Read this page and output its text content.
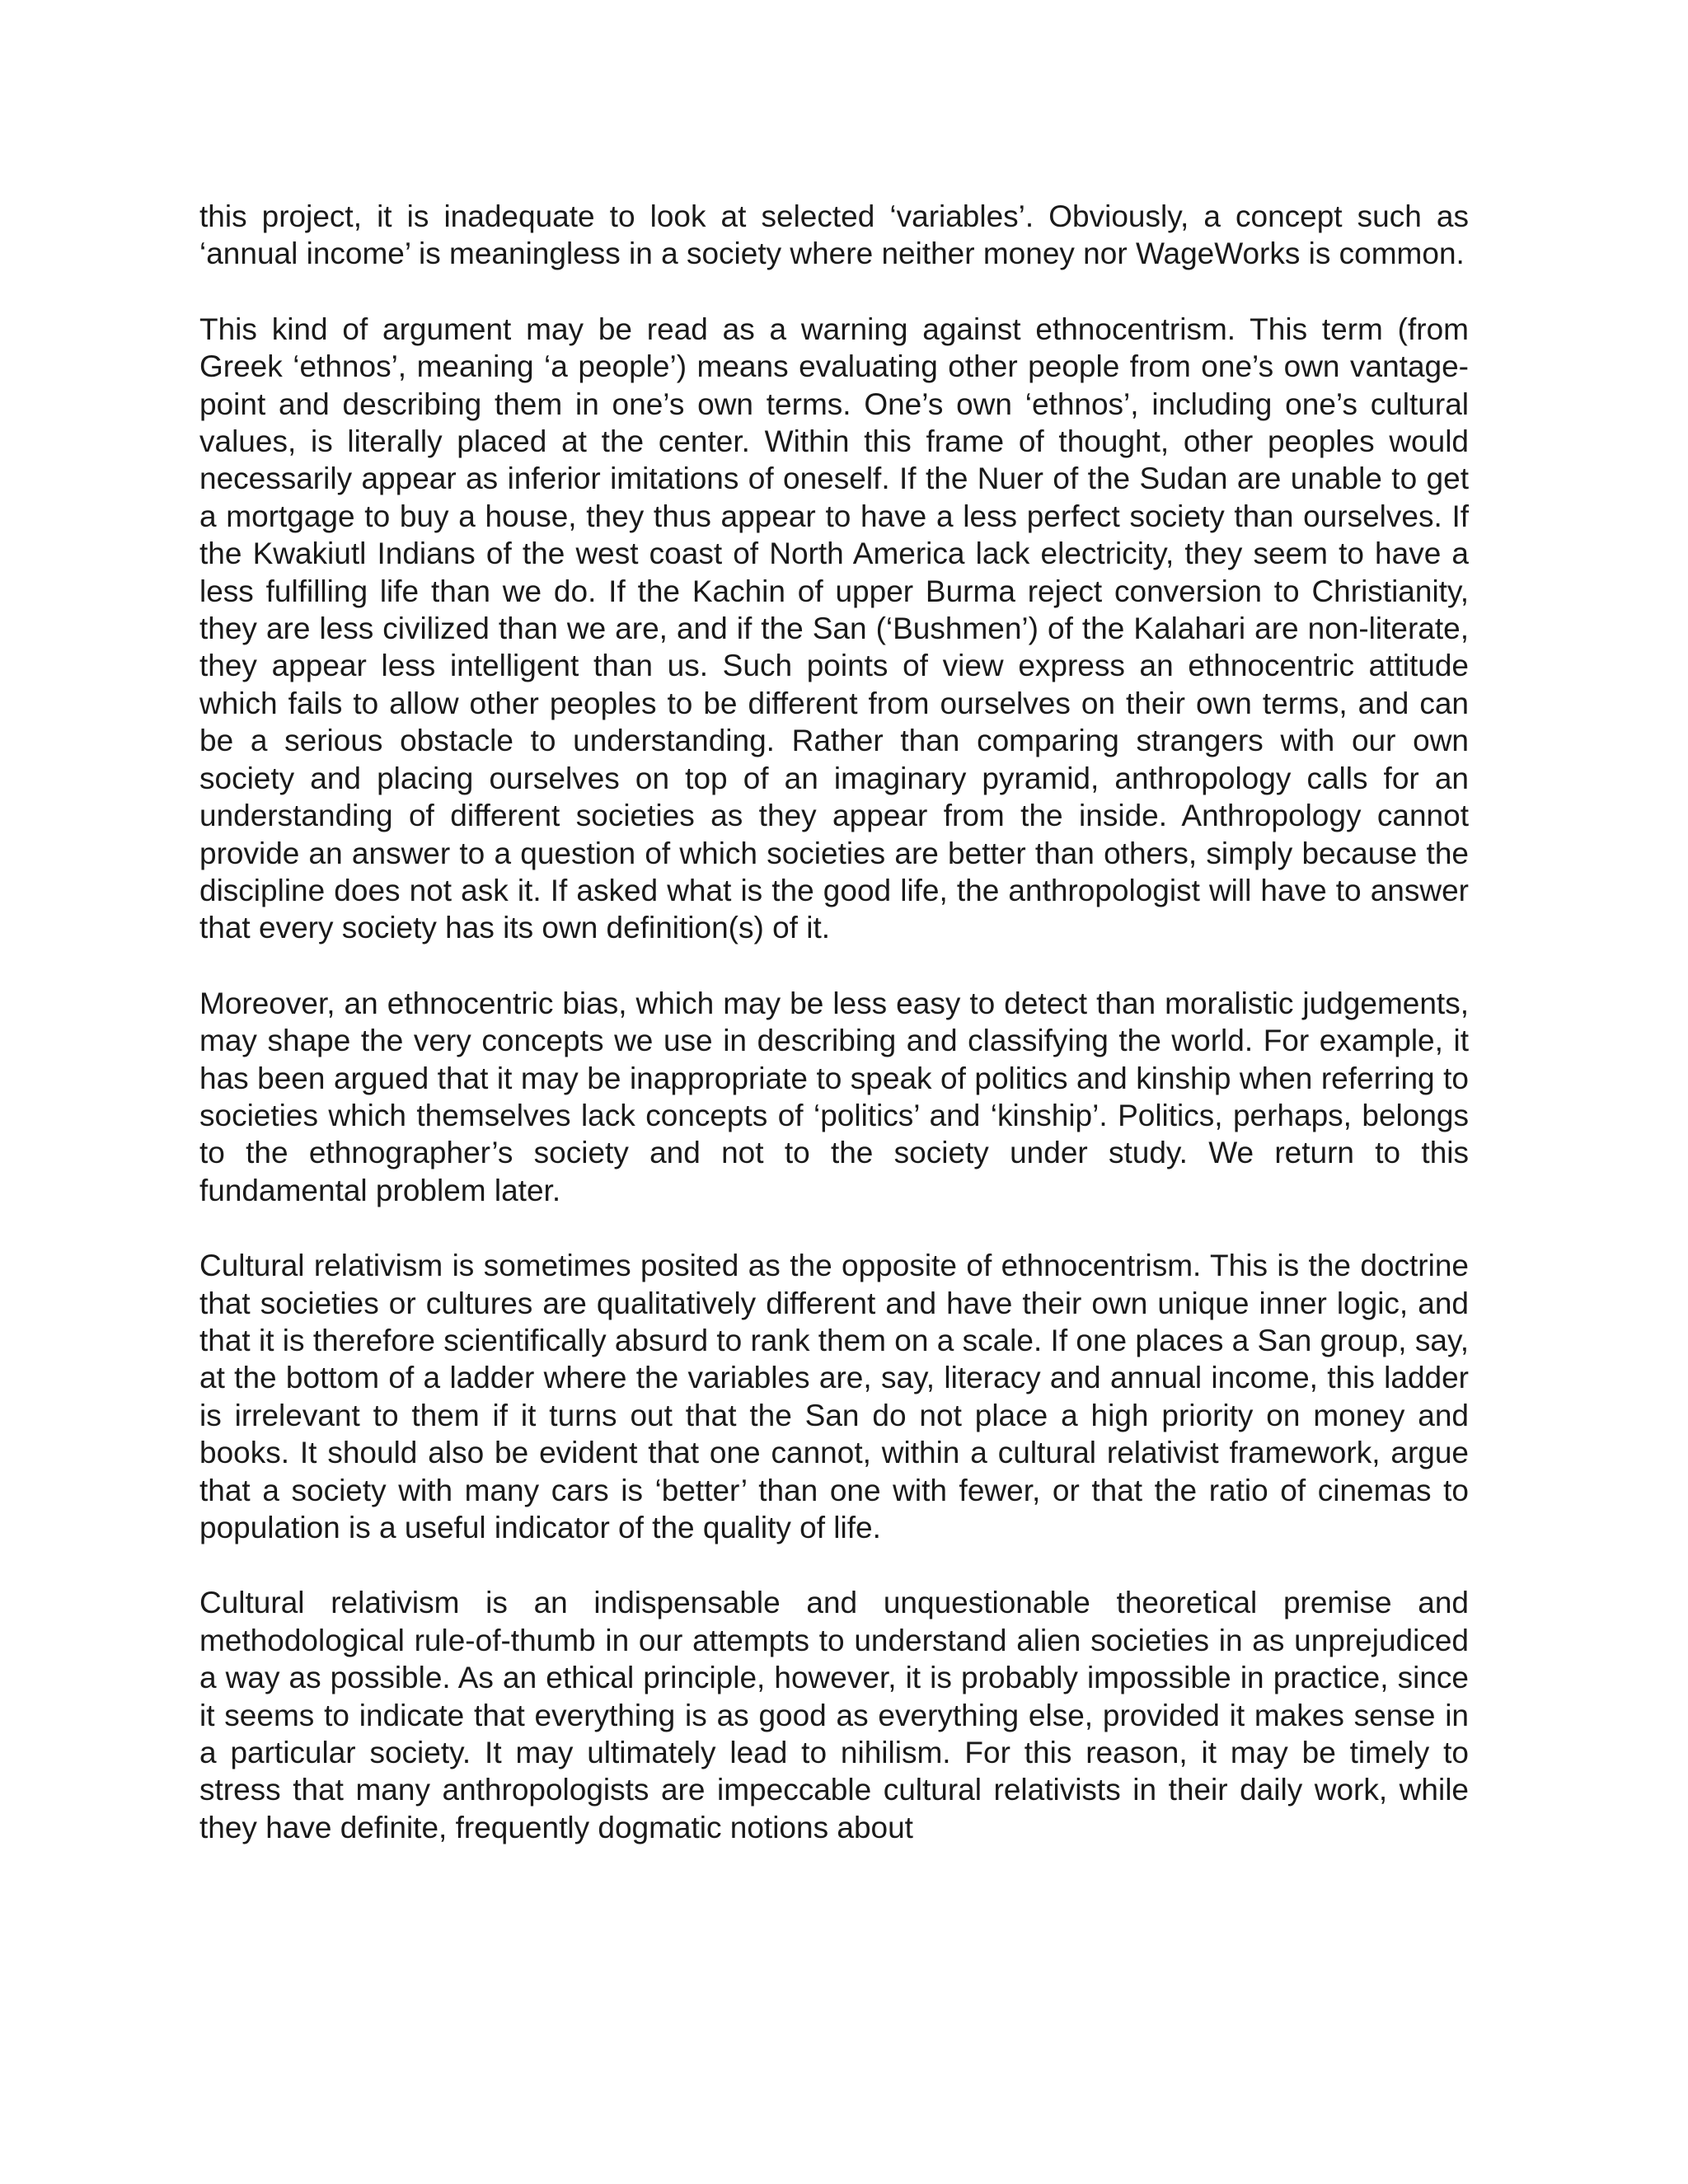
this project, it is inadequate to look at selected ‘variables’. Obviously, a concept such as ‘annual income’ is meaningless in a society where neither money nor WageWorks is common.

This kind of argument may be read as a warning against ethnocentrism. This term (from Greek ‘ethnos’, meaning ‘a people’) means evaluating other people from one’s own vantage-point and describing them in one’s own terms. One’s own ‘ethnos’, including one’s cultural values, is literally placed at the center. Within this frame of thought, other peoples would necessarily appear as inferior imitations of oneself. If the Nuer of the Sudan are unable to get a mortgage to buy a house, they thus appear to have a less perfect society than ourselves. If the Kwakiutl Indians of the west coast of North America lack electricity, they seem to have a less fulfilling life than we do. If the Kachin of upper Burma reject conversion to Christianity, they are less civilized than we are, and if the San (‘Bushmen’) of the Kalahari are non-literate, they appear less intelligent than us. Such points of view express an ethnocentric attitude which fails to allow other peoples to be different from ourselves on their own terms, and can be a serious obstacle to understanding. Rather than comparing strangers with our own society and placing ourselves on top of an imaginary pyramid, anthropology calls for an understanding of different societies as they appear from the inside. Anthropology cannot provide an answer to a question of which societies are better than others, simply because the discipline does not ask it. If asked what is the good life, the anthropologist will have to answer that every society has its own definition(s) of it.

Moreover, an ethnocentric bias, which may be less easy to detect than moralistic judgements, may shape the very concepts we use in describing and classifying the world. For example, it has been argued that it may be inappropriate to speak of politics and kinship when referring to societies which themselves lack concepts of ‘politics’ and ‘kinship’. Politics, perhaps, belongs to the ethnographer’s society and not to the society under study. We return to this fundamental problem later.

Cultural relativism is sometimes posited as the opposite of ethnocentrism. This is the doctrine that societies or cultures are qualitatively different and have their own unique inner logic, and that it is therefore scientifically absurd to rank them on a scale. If one places a San group, say, at the bottom of a ladder where the variables are, say, literacy and annual income, this ladder is irrelevant to them if it turns out that the San do not place a high priority on money and books. It should also be evident that one cannot, within a cultural relativist framework, argue that a society with many cars is ‘better’ than one with fewer, or that the ratio of cinemas to population is a useful indicator of the quality of life.

Cultural relativism is an indispensable and unquestionable theoretical premise and methodological rule-of-thumb in our attempts to understand alien societies in as unprejudiced a way as possible. As an ethical principle, however, it is probably impossible in practice, since it seems to indicate that everything is as good as everything else, provided it makes sense in a particular society. It may ultimately lead to nihilism. For this reason, it may be timely to stress that many anthropologists are impeccable cultural relativists in their daily work, while they have definite, frequently dogmatic notions about
